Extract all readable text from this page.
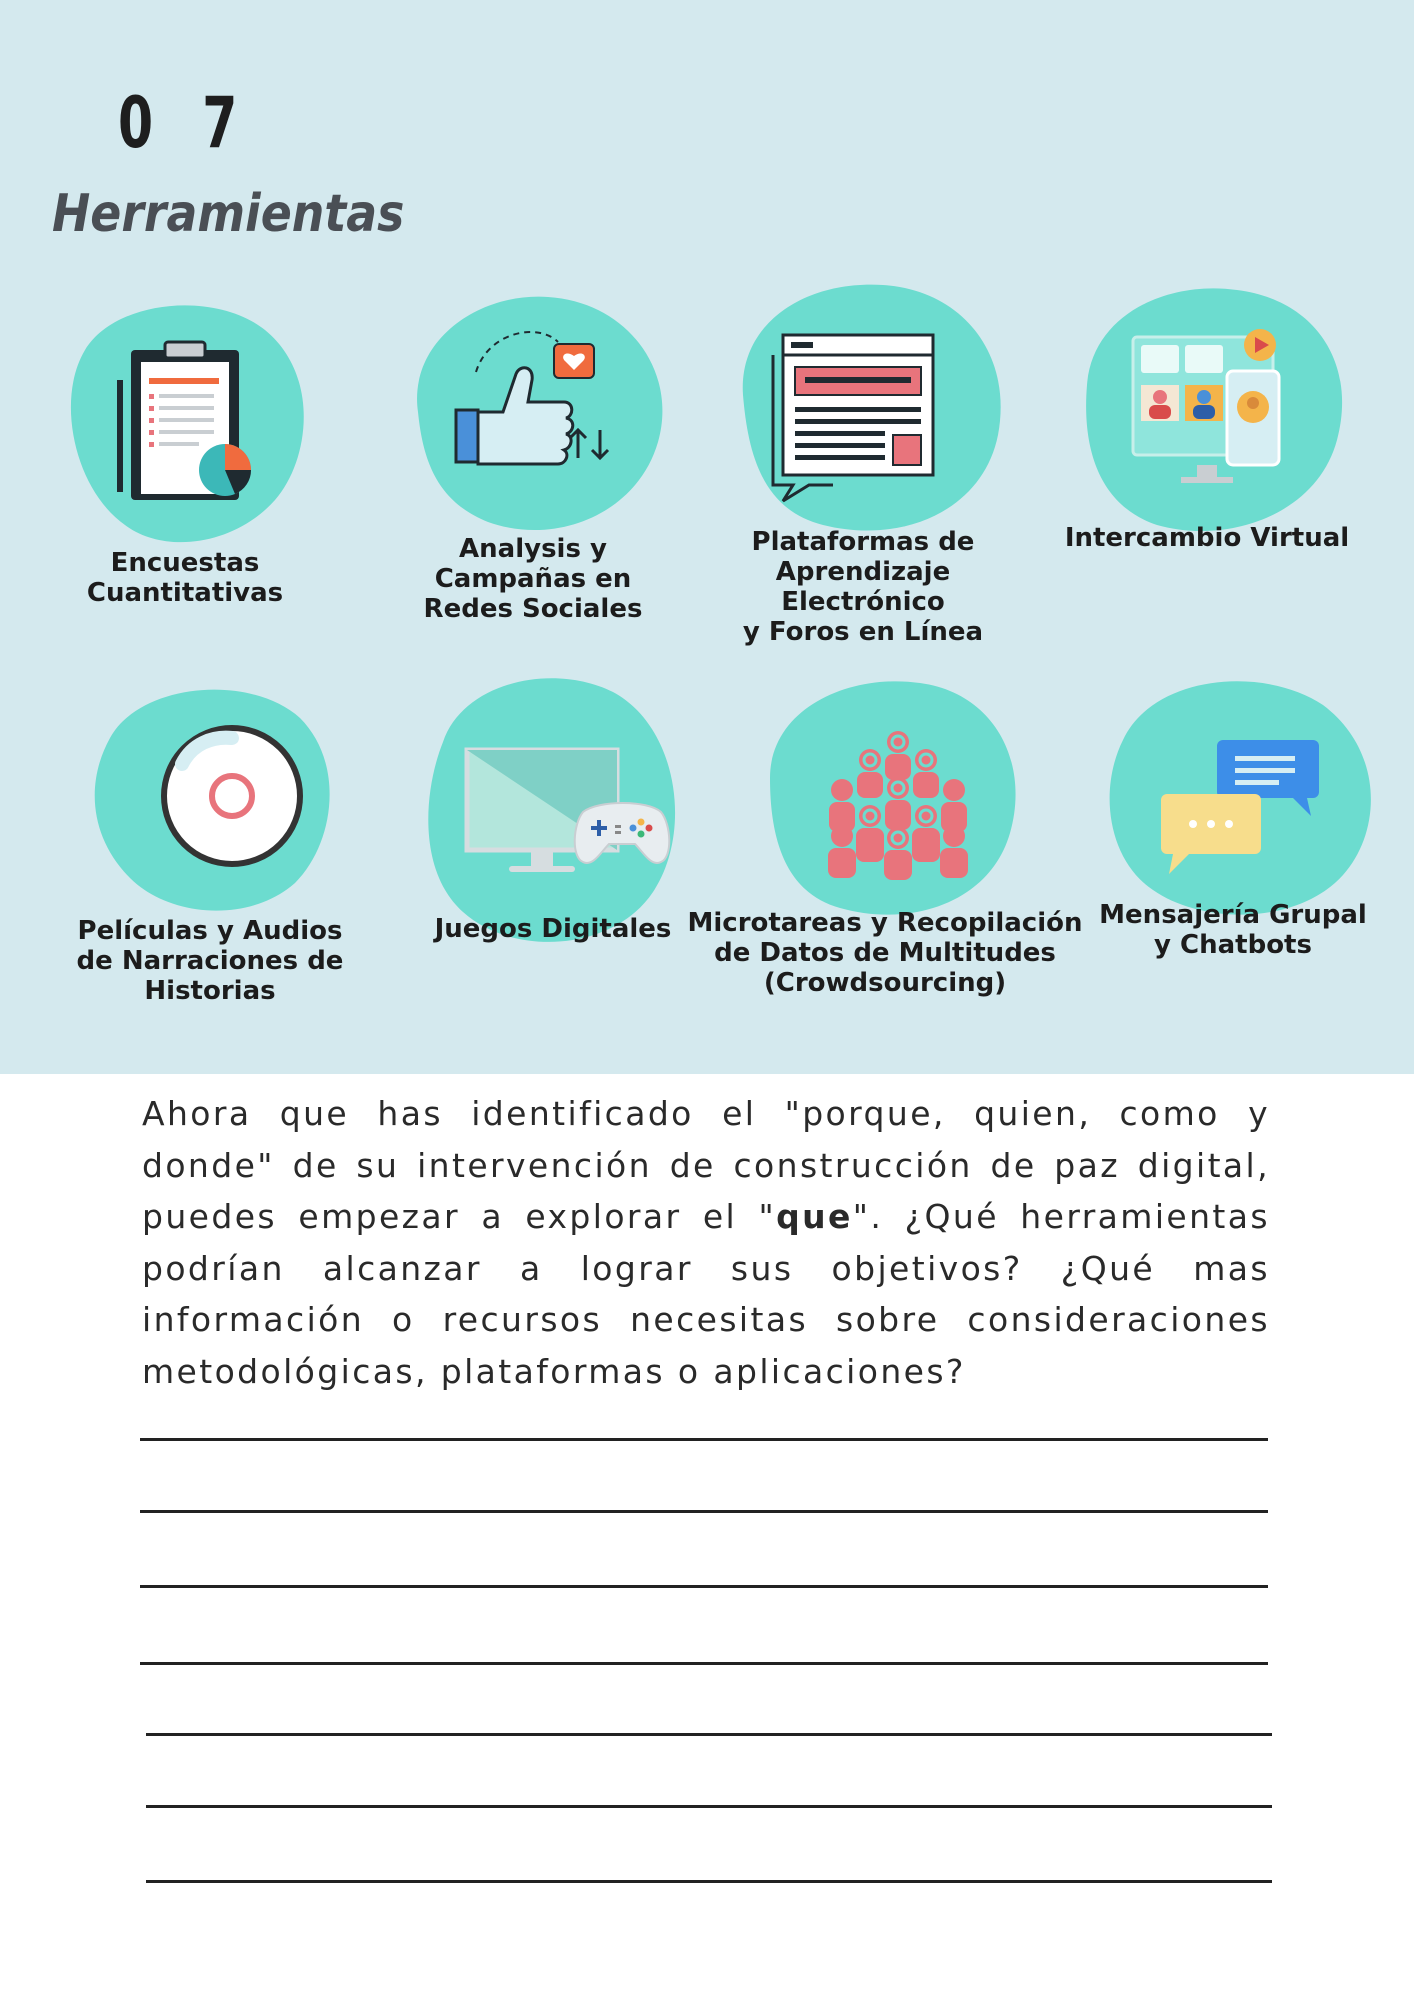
0 7
Herramientas
Encuestas
Cuantitativas
Analysis y
Campañas en
Redes Sociales
Plataformas de
Aprendizaje Electrónico
y Foros en Línea
Intercambio Virtual
Películas y Audios
de Narraciones de
Historias
Juegos Digitales Microtareas y Recopilación
de Datos de Multitudes
(Crowdsourcing)
Mensajería Grupal
y Chatbots
Ahora que has identificado el "porque, quien, como y donde" de su intervención de construcción de paz digital, puedes empezar a explorar el "que". ¿Qué herramientas podrían alcanzar a lograr sus objetivos? ¿Qué mas información o recursos necesitas sobre consideraciones metodológicas, plataformas o aplicaciones?
